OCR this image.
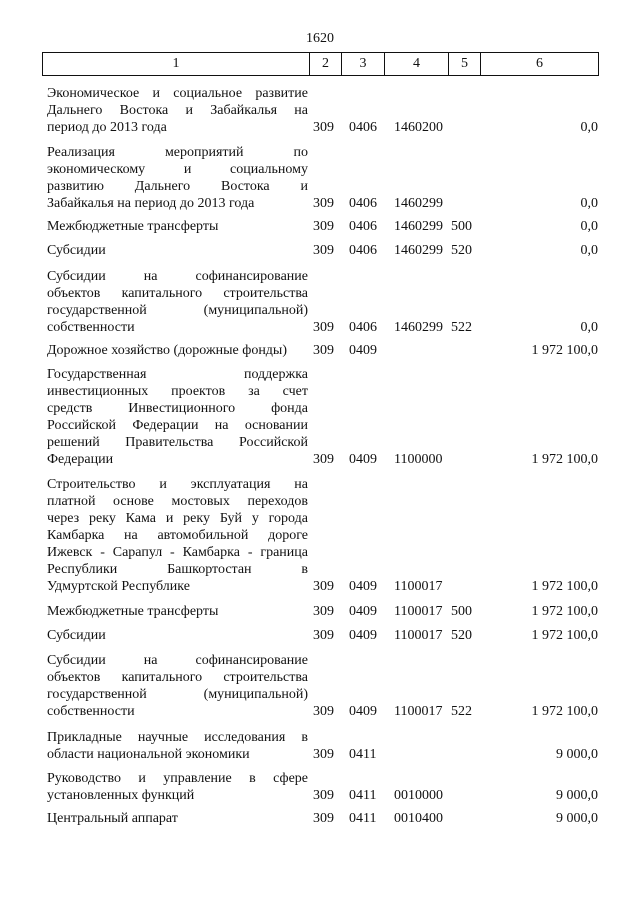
1620
1	2	3	4	5	6
Экономическое и социальное развитие
Дальнего Востока и Забайкалья на
период до 2013 года	309 0406 1460200	0,0
Реализация мероприятий по
экономическому и социальному
развитию Дальнего Востока и
Забайкалья на период до 2013 года	309 0406 1460299	0,0
Межбюджетные трансферты	309 0406 1460299 500	0,0
Субсидии	309 0406 1460299 520	0,0
Субсидии на софинансирование
объектов капитального строительства
государственной (муниципальной)
собственности	309 0406 1460299 522	0,0
Дорожное хозяйство (дорожные фонды)	309 0409	1 972 100,0
Государственная поддержка
инвестиционных проектов за счет
средств Инвестиционного фонда
Российской Федерации на основании
решений Правительства Российской
Федерации	309 0409 1100000	1 972 100,0
Строительство и эксплуатация на
платной основе мостовых переходов
через реку Кама и реку Буй у города
Камбарка на автомобильной дороге
Ижевск - Сарапул - Камбарка - граница
Республики Башкортостан в
Удмуртской Республике	309 0409 1100017	1 972 100,0
Межбюджетные трансферты	309 0409 1100017 500	1 972 100,0
Субсидии	309 0409 1100017 520	1 972 100,0
Субсидии на софинансирование
объектов капитального строительства
государственной (муниципальной)
собственности	309 0409 1100017 522	1 972 100,0
Прикладные научные исследования в
области национальной экономики	309 0411	9 000,0
Руководство и управление в сфере
установленных функций	309 0411 0010000	9 000,0
Центральный аппарат	309 0411 0010400	9 000,0
